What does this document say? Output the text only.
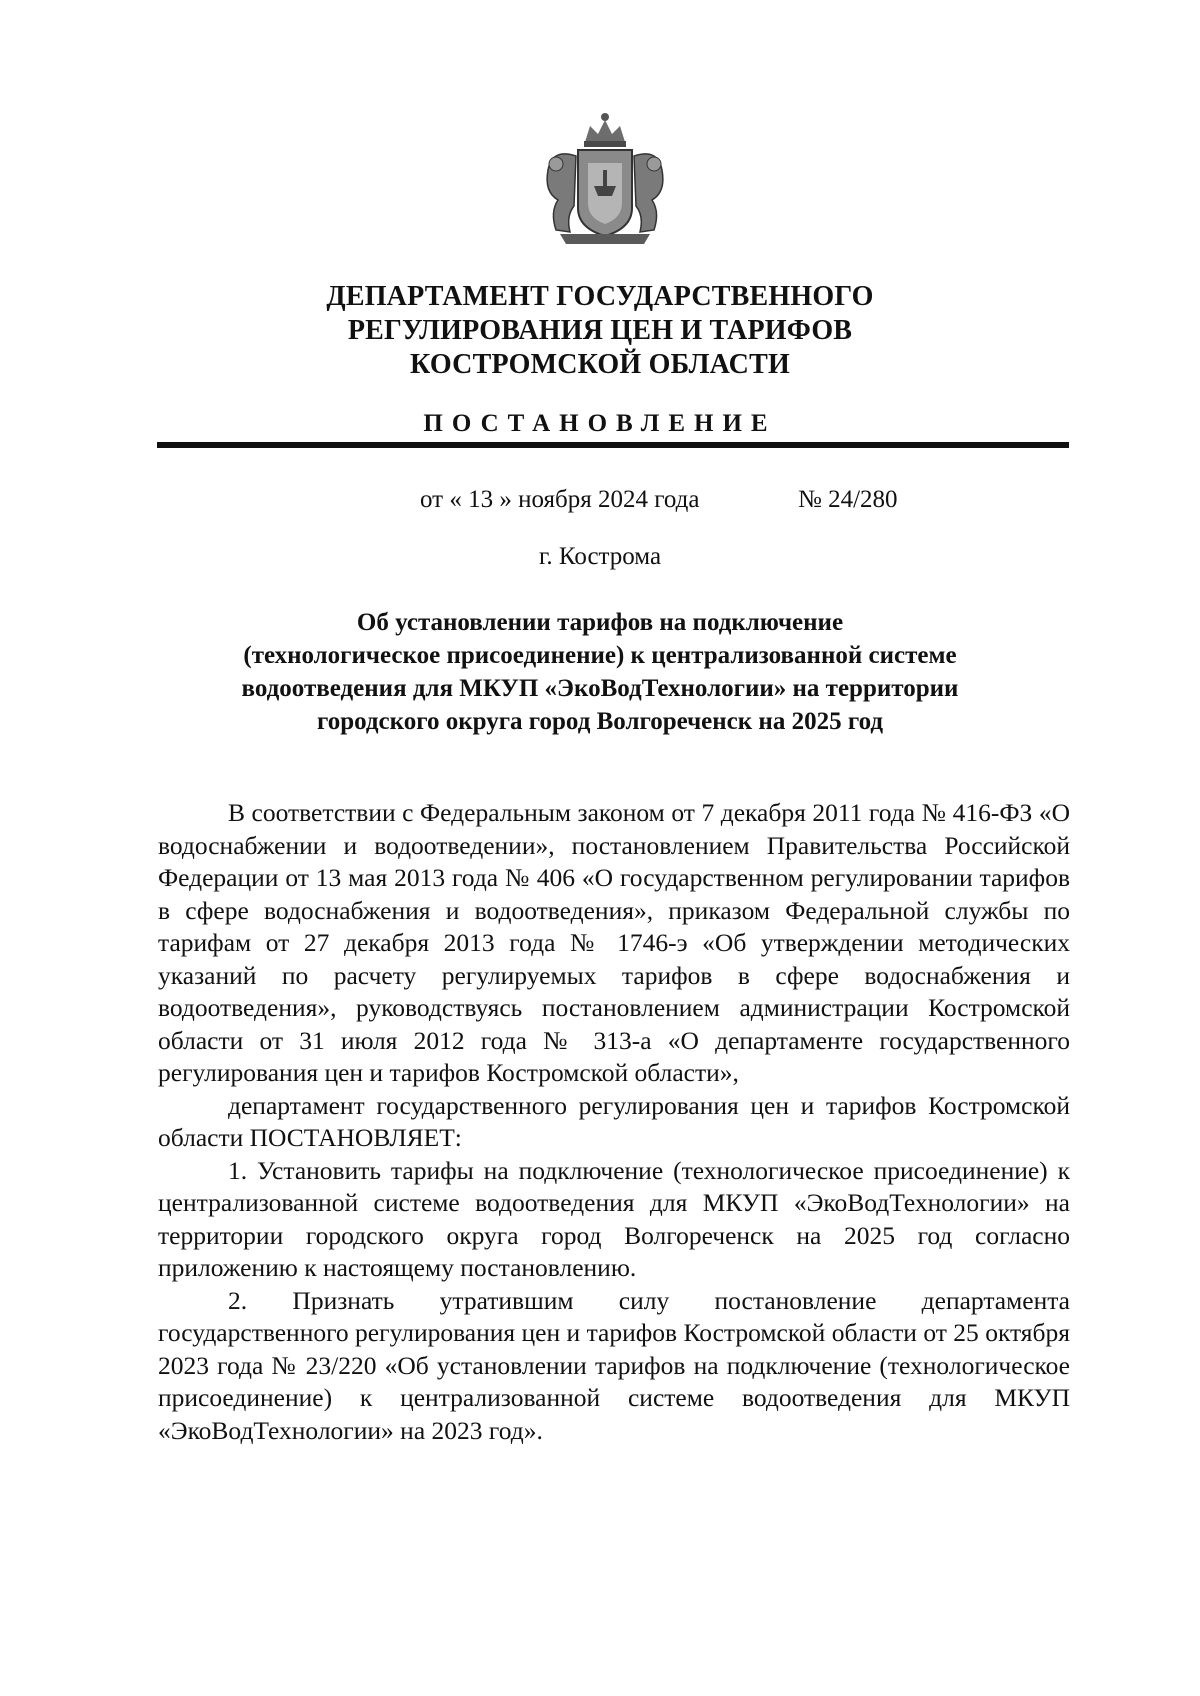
ДЕПАРТАМЕНТ ГОСУДАРСТВЕННОГО
РЕГУЛИРОВАНИЯ ЦЕН И ТАРИФОВ
КОСТРОМСКОЙ ОБЛАСТИ
ПОСТАНОВЛЕНИЕ
от « 13 » ноября 2024 года	№ 24/280
г. Кострома
Об установлении тарифов на подключение
(технологическое присоединение) к централизованной системе
водоотведения для МКУП «ЭкоВодТехнологии» на территории
городского округа город Волгореченск на 2025 год

В соответствии с Федеральным законом от 7 декабря 2011 года № 416-ФЗ «О водоснабжении и водоотведении», постановлением Правительства Российской Федерации от 13 мая 2013 года № 406 «О государственном регулировании тарифов в сфере водоснабжения и водоотведения», приказом Федеральной службы по тарифам от 27 декабря 2013 года № 1746-э «Об утверждении методических указаний по расчету регулируемых тарифов в сфере водоснабжения и водоотведения», руководствуясь постановлением администрации Костромской области от 31 июля 2012 года № 313-а «О департаменте государственного регулирования цен и тарифов Костромской области»,

департамент государственного регулирования цен и тарифов Костромской области ПОСТАНОВЛЯЕТ:

1. Установить тарифы на подключение (технологическое присоединение) к централизованной системе водоотведения для МКУП «ЭкоВодТехнологии» на территории городского округа город Волгореченск на 2025 год согласно приложению к настоящему постановлению.

2. Признать утратившим силу постановление департамента государственного регулирования цен и тарифов Костромской области от 25 октября 2023 года № 23/220 «Об установлении тарифов на подключение (технологическое присоединение) к централизованной системе водоотведения для МКУП «ЭкоВодТехнологии» на 2023 год».
